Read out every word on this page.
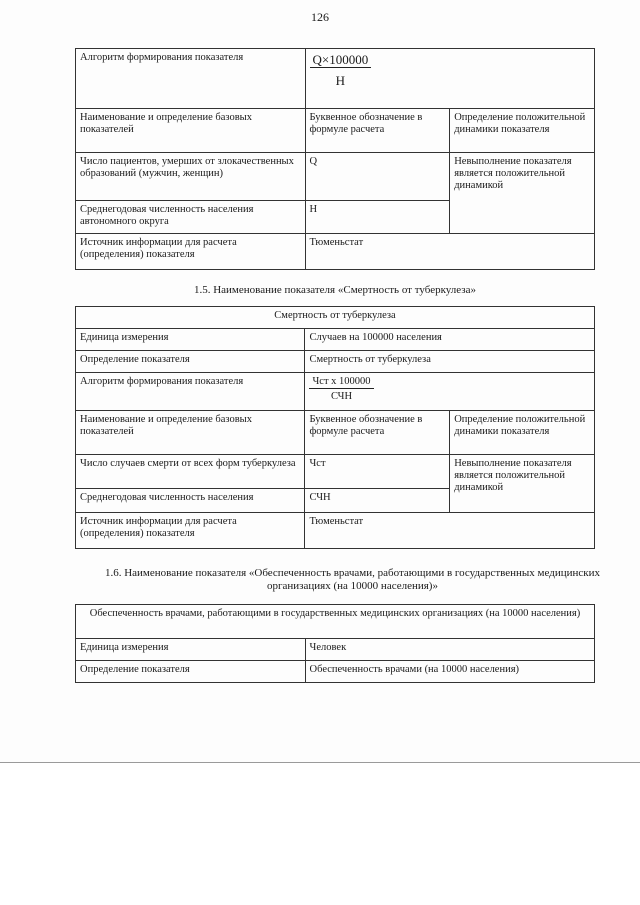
126
Алгоритм формирования показателя	$\frac{Q\times 100000}{H}$

Наименование и определение базовых показателей	Буквенное обозначение в формуле расчета	Определение положительной динамики показателя
Число пациентов, умерших от злокачественных образований (мужчин, женщин)	Q	Невыполнение показателя является положительной динамикой
Среднегодовая численность населения автономного округа	Н	
Источник информации для расчета (определения) показателя	Тюменьстат	
1.5. Наименование показателя «Смертность от туберкулеза»
Смертность от туберкулеза		
Единица измерения	Случаев на 100000 населения	
Определение показателя	Смертность от туберкулеза	
Алгоритм формирования показателя	$\frac{\text{Чст х 100000}}{\text{СЧН}}$

Наименование и определение базовых показателей	Буквенное обозначение в формуле расчета	Определение положительной динамики показателя
Число случаев смерти от всех форм туберкулеза	Чст	Невыполнение показателя является положительной динамикой
Среднегодовая численность населения	СЧН	
Источник информации для расчета (определения) показателя	Тюменьстат	
1.6. Наименование показателя «Обеспеченность врачами, работающими в государственных медицинских организациях (на 10000 населения)»
Обеспеченность врачами, работающими в государственных медицинских организациях (на 10000 населения)	
Единица измерения	Человек
Определение показателя	Обеспеченность врачами (на 10000 населения)
